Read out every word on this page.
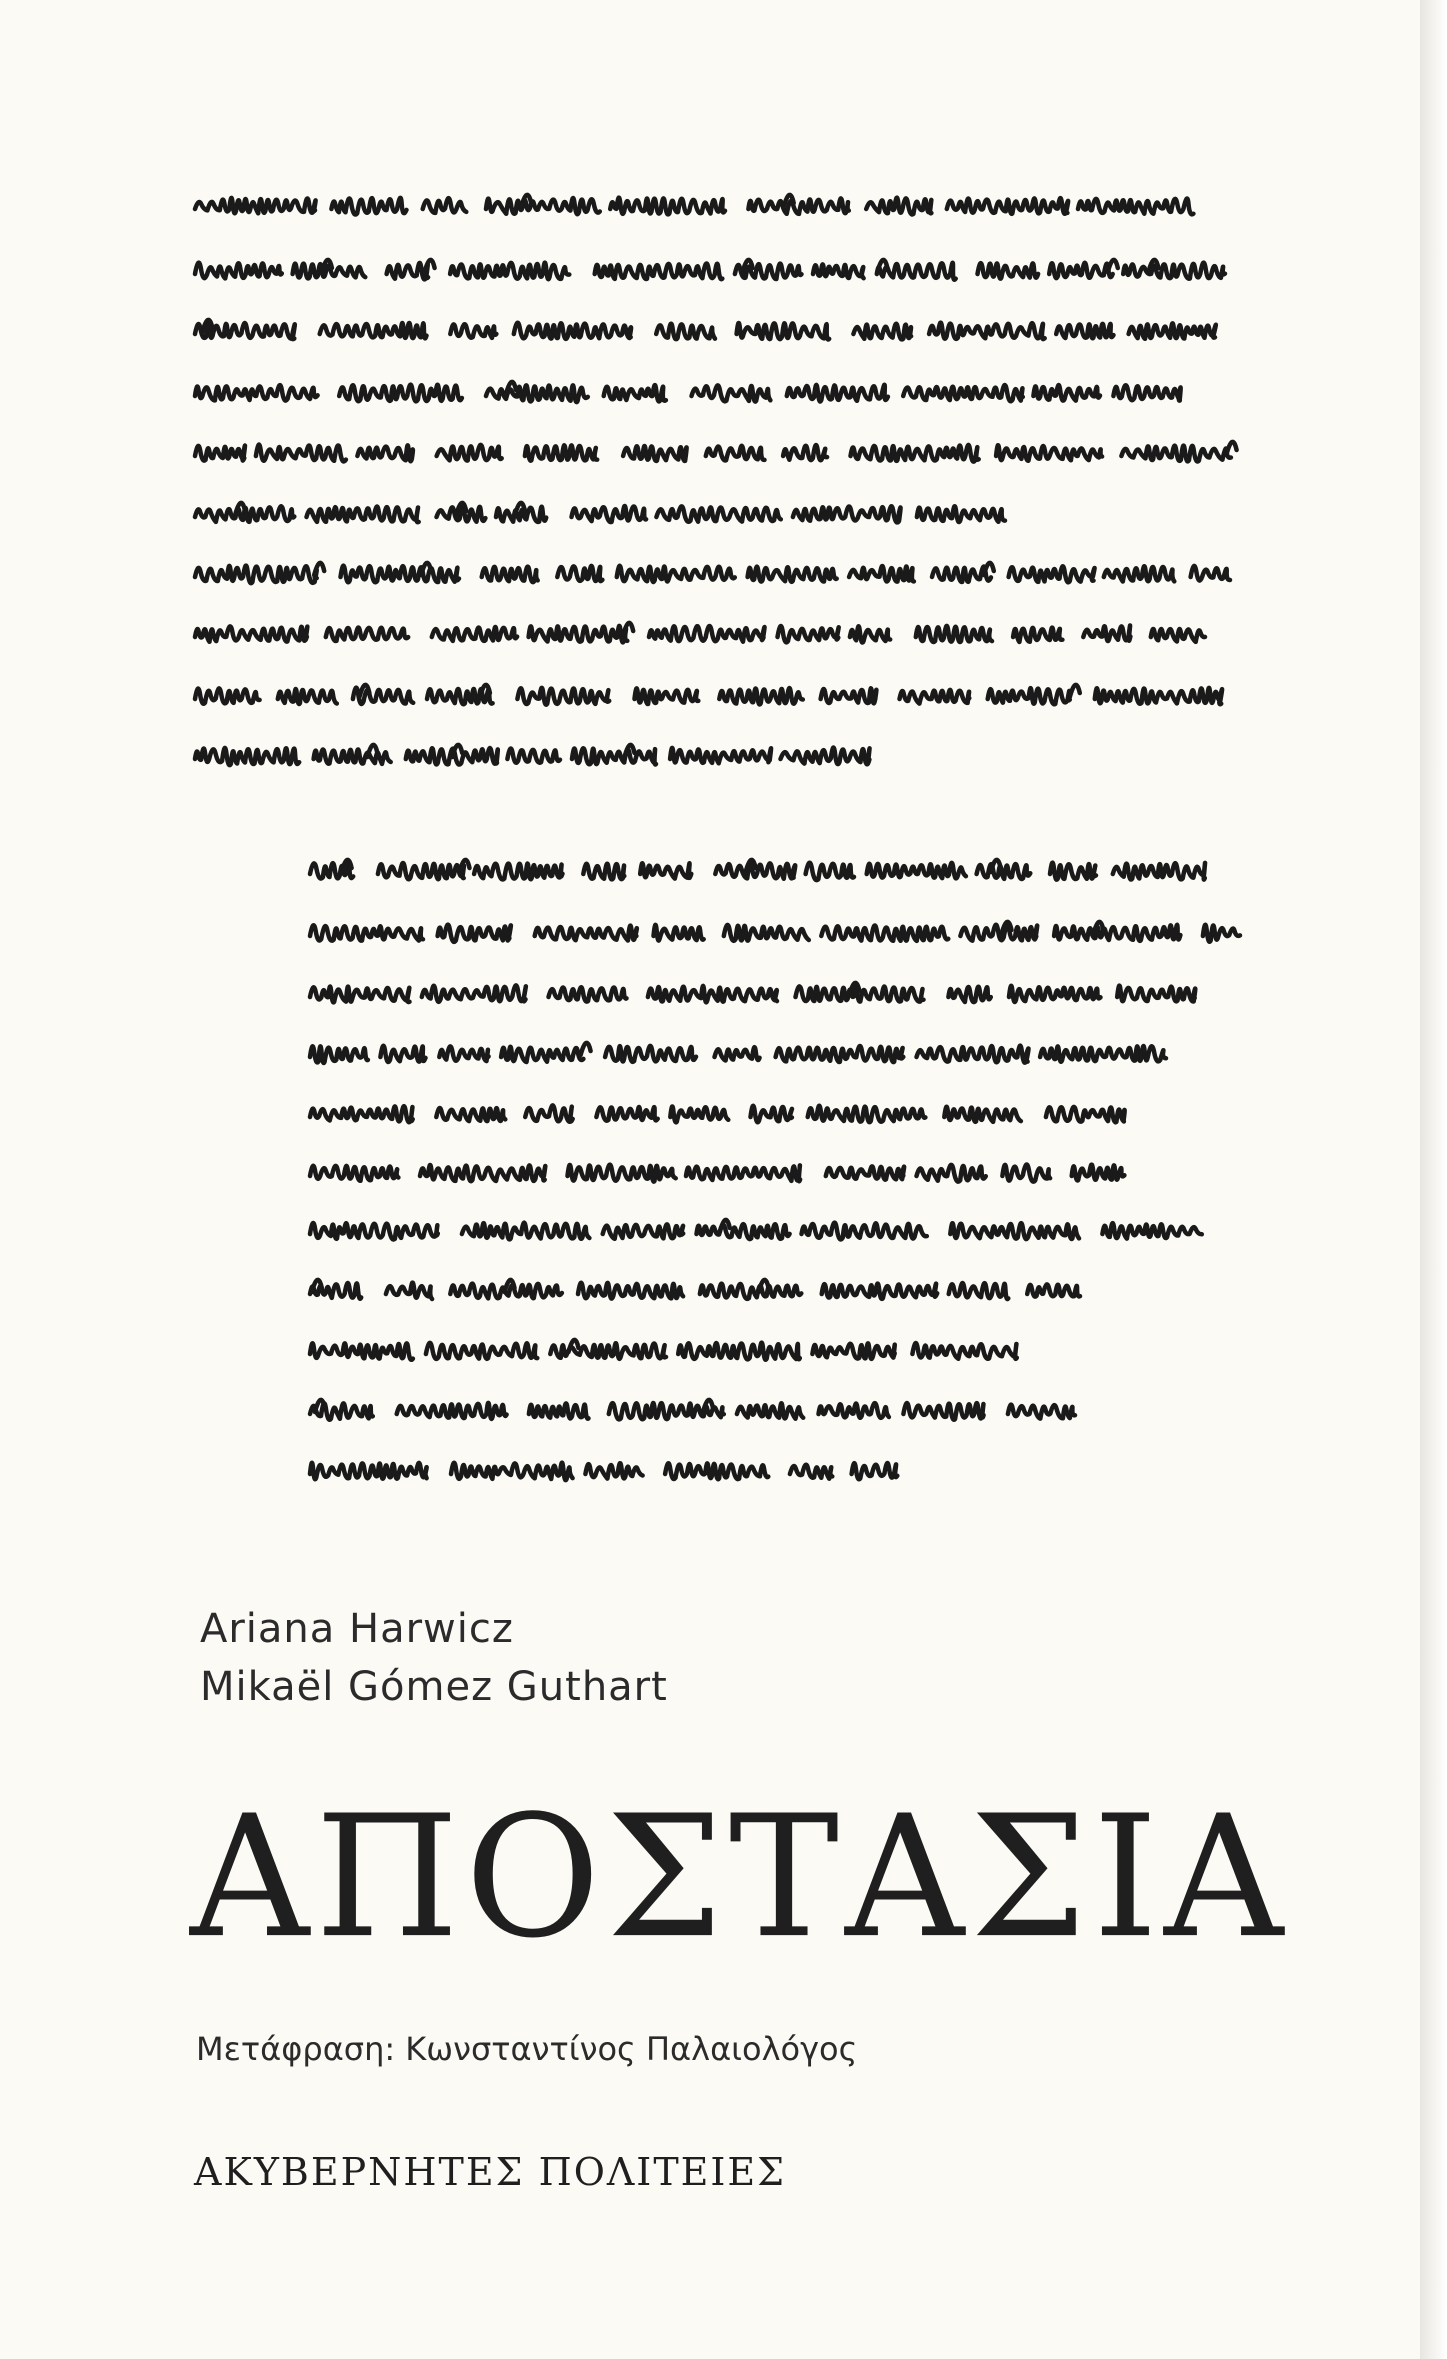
Ariana Harwicz
Mikaël Gómez Guthart
ΑΠΟΣΤΑΣΙΑ
Μετάφραση: Κωνσταντίνος Παλαιολόγος
ΑΚΥΒΕΡΝΗΤΕΣ ΠΟΛΙΤΕΙΕΣ
